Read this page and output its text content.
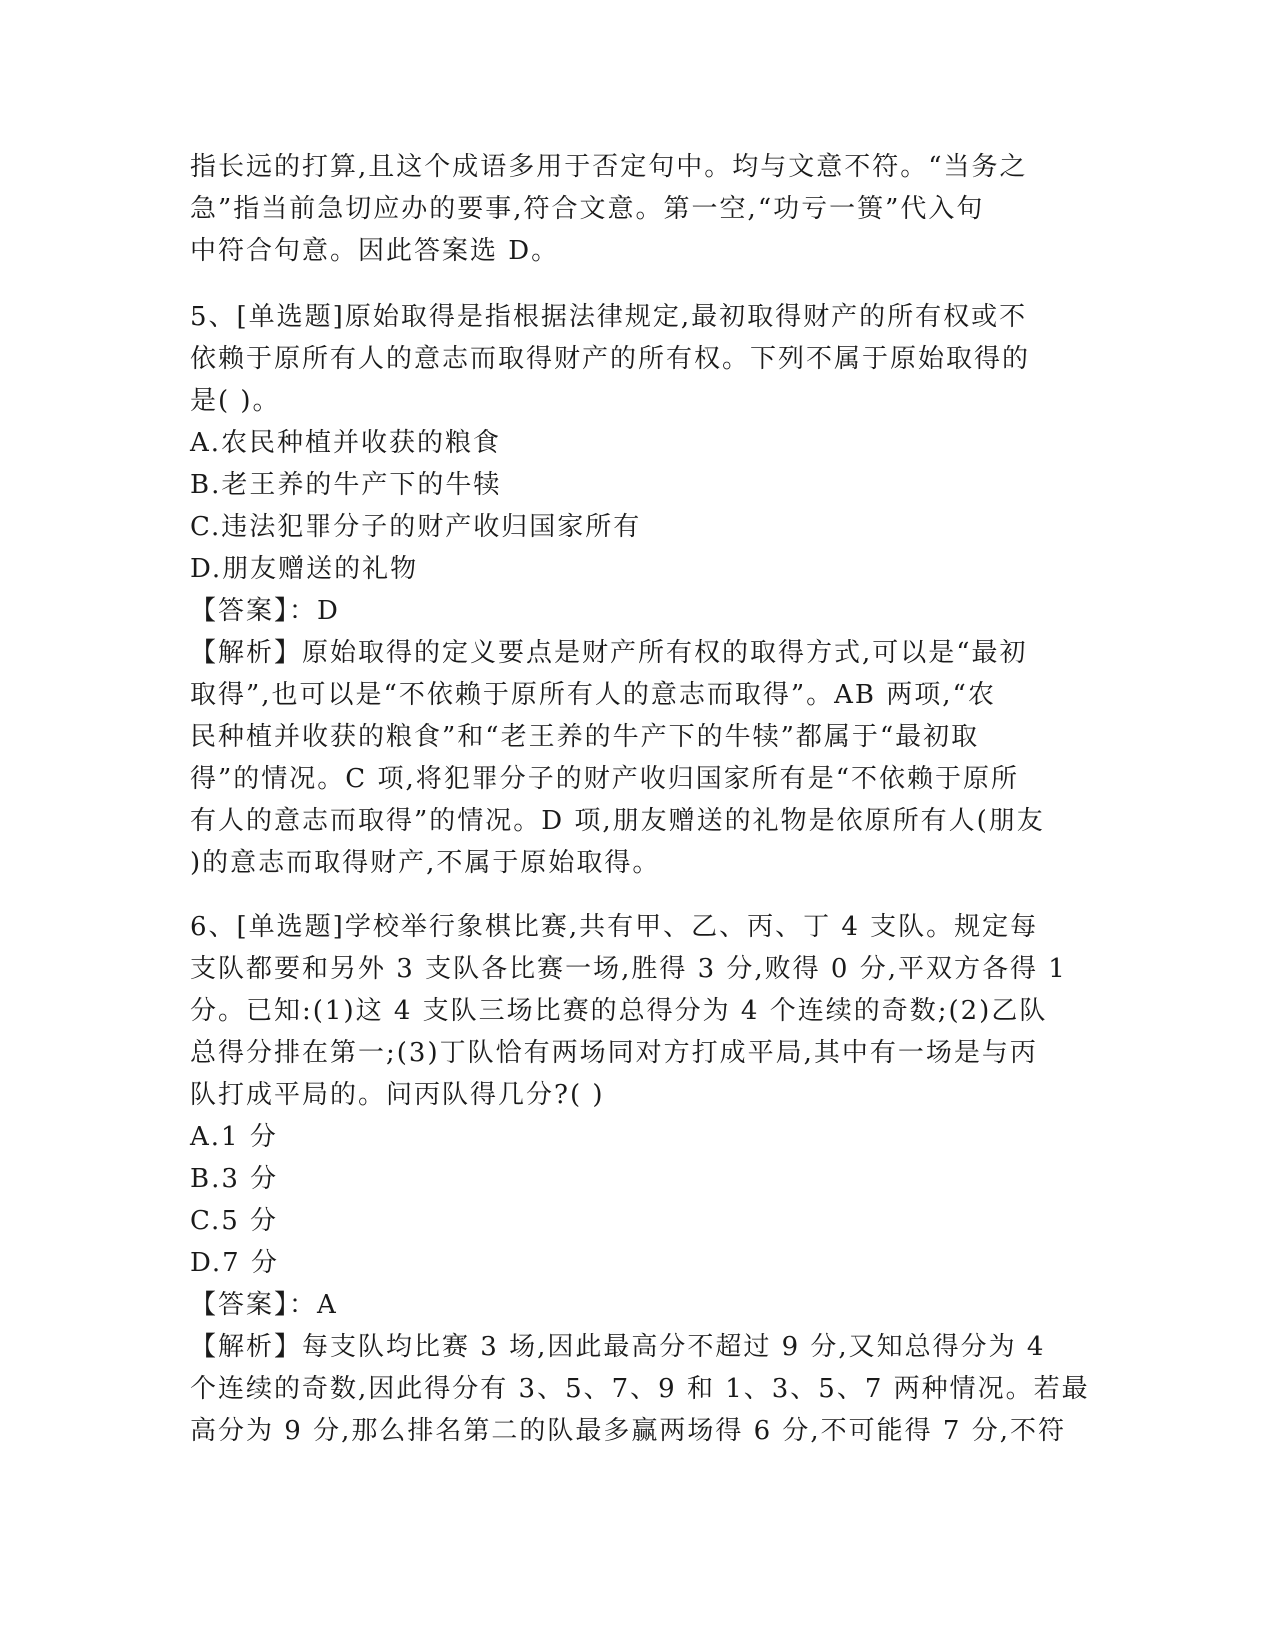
指长远的打算,且这个成语多用于否定句中。均与文意不符。“当务之
急”指当前急切应办的要事,符合文意。第一空,“功亏一篑”代入句
中符合句意。因此答案选 D。
5、[单选题]原始取得是指根据法律规定,最初取得财产的所有权或不
依赖于原所有人的意志而取得财产的所有权。下列不属于原始取得的
是( )。
A.农民种植并收获的粮食
B.老王养的牛产下的牛犊
C.违法犯罪分子的财产收归国家所有
D.朋友赠送的礼物
【答案】：D
【解析】原始取得的定义要点是财产所有权的取得方式,可以是“最初
取得”,也可以是“不依赖于原所有人的意志而取得”。AB 两项,“农
民种植并收获的粮食”和“老王养的牛产下的牛犊”都属于“最初取
得”的情况。C 项,将犯罪分子的财产收归国家所有是“不依赖于原所
有人的意志而取得”的情况。D 项,朋友赠送的礼物是依原所有人(朋友
)的意志而取得财产,不属于原始取得。
6、[单选题]学校举行象棋比赛,共有甲、乙、丙、丁 4 支队。规定每
支队都要和另外 3 支队各比赛一场,胜得 3 分,败得 0 分,平双方各得 1
分。已知:(1)这 4 支队三场比赛的总得分为 4 个连续的奇数;(2)乙队
总得分排在第一;(3)丁队恰有两场同对方打成平局,其中有一场是与丙
队打成平局的。问丙队得几分?( )
A.1 分
B.3 分
C.5 分
D.7 分
【答案】：A
【解析】每支队均比赛 3 场,因此最高分不超过 9 分,又知总得分为 4
个连续的奇数,因此得分有 3、5、7、9 和 1、3、5、7 两种情况。若最
高分为 9 分,那么排名第二的队最多赢两场得 6 分,不可能得 7 分,不符
